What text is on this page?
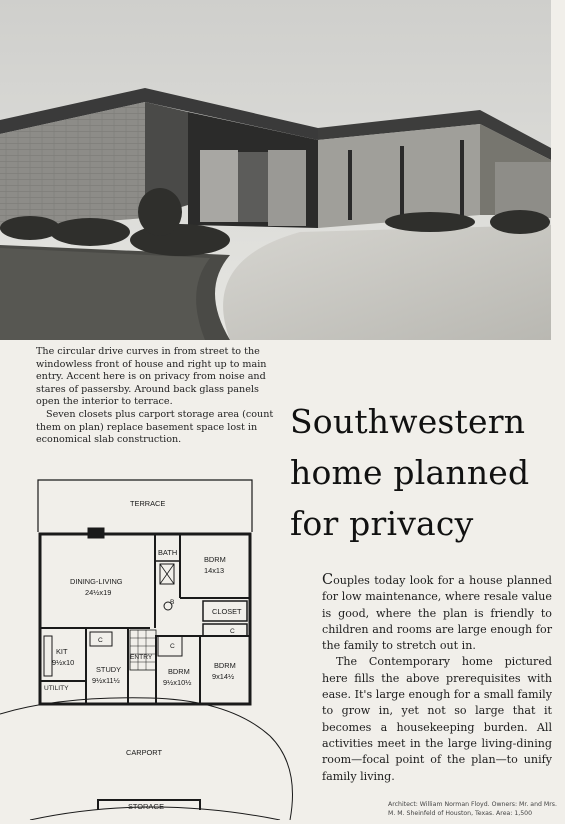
The circular drive curves in from street to the windowless front of house and right up to main entry. Accent here is on privacy from noise and stares of passersby. Around back glass panels open the interior to terrace.

Seven closets plus carport storage area (count them on plan) replace basement space lost in economical slab construction.	Southwestern
home planned
for privacy

Couples today look for a house planned for low maintenance, where resale value is good, where the plan is friendly to children and rooms are large enough for the family to stretch out in.

The Contemporary home pictured here fills the above prerequisites with ease. It's large enough for a small family to grow in, yet not so large that it becomes a housekeeping burden. All activities meet in the large living-dining room—focal point of the plan—to unify family living.

Architect: William Norman Floyd. Owners: Mr. and Mrs. M. M. Sheinfeld of Houston, Texas. Area: 1,500
TERRACE
BATH
BDRM
14x13
DINING-LIVING
24½x19
B
CLOSET
C
C
C
KIT
9½x10
STUDY
9½x11½
ENTRY
BDRM
9½x10½
BDRM
9x14½
UTILITY
CARPORT
STORAGE
